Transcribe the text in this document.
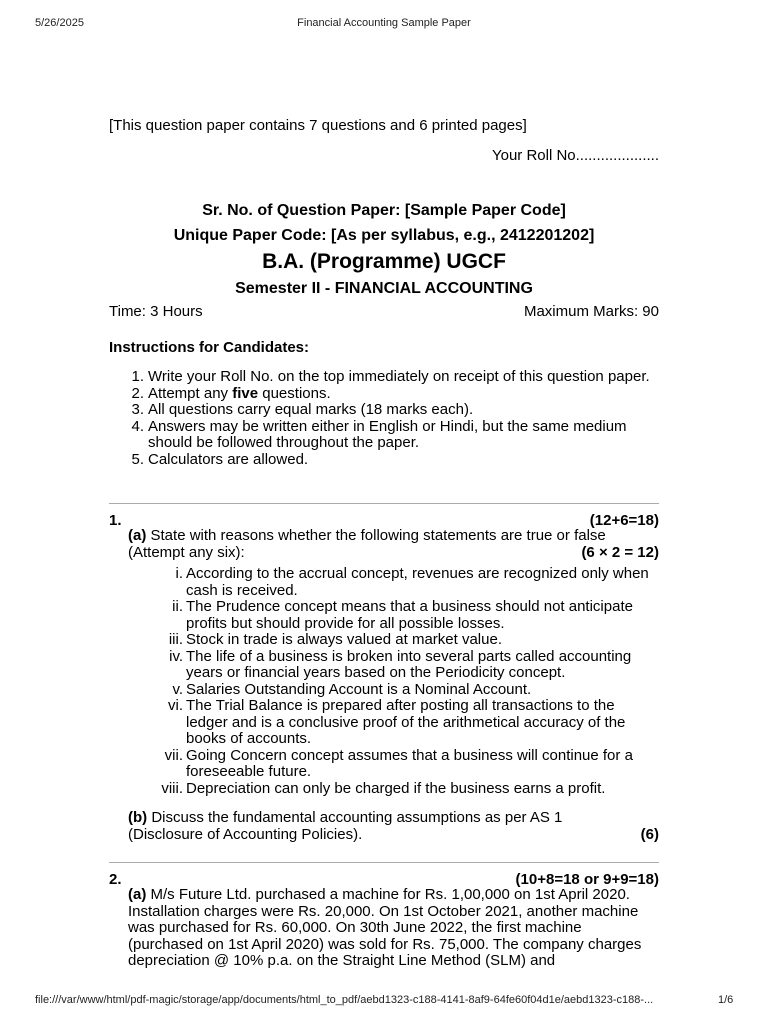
5/26/2025	Financial Accounting Sample Paper
[This question paper contains 7 questions and 6 printed pages]
Your Roll No....................
Sr. No. of Question Paper: [Sample Paper Code]
Unique Paper Code: [As per syllabus, e.g., 2412201202]
B.A. (Programme) UGCF
Semester II - FINANCIAL ACCOUNTING
Time: 3 Hours	Maximum Marks: 90
Instructions for Candidates:
1. Write your Roll No. on the top immediately on receipt of this question paper.
2. Attempt any five questions.
3. All questions carry equal marks (18 marks each).
4. Answers may be written either in English or Hindi, but the same medium should be followed throughout the paper.
5. Calculators are allowed.
1.	(12+6=18)
(a) State with reasons whether the following statements are true or false
(Attempt any six):	(6 × 2 = 12)
i. According to the accrual concept, revenues are recognized only when cash is received.
ii. The Prudence concept means that a business should not anticipate profits but should provide for all possible losses.
iii. Stock in trade is always valued at market value.
iv. The life of a business is broken into several parts called accounting years or financial years based on the Periodicity concept.
v. Salaries Outstanding Account is a Nominal Account.
vi. The Trial Balance is prepared after posting all transactions to the ledger and is a conclusive proof of the arithmetical accuracy of the books of accounts.
vii. Going Concern concept assumes that a business will continue for a foreseeable future.
viii. Depreciation can only be charged if the business earns a profit.
(b) Discuss the fundamental accounting assumptions as per AS 1
(Disclosure of Accounting Policies).	(6)
2.	(10+8=18 or 9+9=18)
(a) M/s Future Ltd. purchased a machine for Rs. 1,00,000 on 1st April 2020. Installation charges were Rs. 20,000. On 1st October 2021, another machine was purchased for Rs. 60,000. On 30th June 2022, the first machine (purchased on 1st April 2020) was sold for Rs. 75,000. The company charges depreciation @ 10% p.a. on the Straight Line Method (SLM) and
file:///var/www/html/pdf-magic/storage/app/documents/html_to_pdf/aebd1323-c188-4141-8af9-64fe60f04d1e/aebd1323-c188-...	1/6
